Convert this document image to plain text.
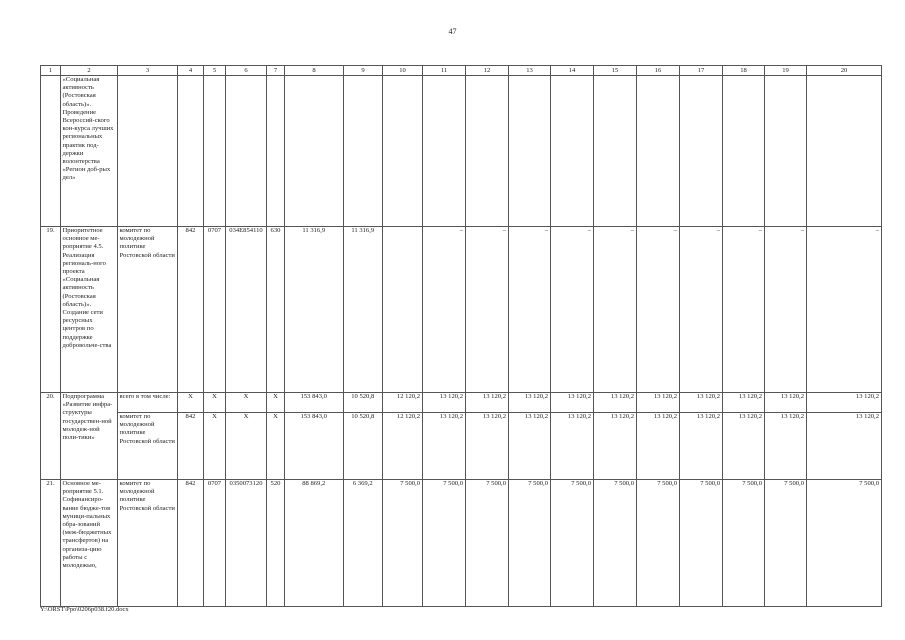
47
1	2	3	4	5	6	7	8	9	10	11	12	13	14	15	16	17	18	19	20
	«Социальная активность (Ростовская область)». Проведение Всероссий-ского кон-курса лучших региональных практик под-держки волонтерства «Регион доб-рых дел»																		
19.	Приоритетное основное ме-роприятие 4.5. Реализация региональ-ного проекта «Социальная активность (Ростовская область)». Создание сети ресурсных центров по поддержке добровольче-ства	комитет по молодежной политике Ростовской области	842	0707	034E854110	630	11 316,9	11 316,9		–	–	–	–	–	–	–	–	–	–
20.	Подпрограмма «Развитие инфра-структуры государствен-ной молодеж-ной поли-тики»	всего в том числе:	X	X	X	X	153 843,0	10 520,8	12 120,2	13 120,2	13 120,2	13 120,2	13 120,2	13 120,2	13 120,2	13 120,2	13 120,2	13 120,2	13 120,2
		комитет по молодежной политике Ростовской области	842	X	X	X	153 843,0	10 520,8	12 120,2	13 120,2	13 120,2	13 120,2	13 120,2	13 120,2	13 120,2	13 120,2	13 120,2	13 120,2	13 120,2
21.	Основное ме-роприятие 5.1. Софинансиро-вание бюдже-тов муници-пальных обра-зований (меж-бюджетных трансфертов) на организа-цию работы с молодежью,	комитет по молодежной политике Ростовской области	842	0707	0350073120	520	88 869,2	6 369,2	7 500,0	7 500,0	7 500,0	7 500,0	7 500,0	7 500,0	7 500,0	7 500,0	7 500,0	7 500,0	7 500,0
Y:\ORST\Ppo\0206p038.f20.docx
